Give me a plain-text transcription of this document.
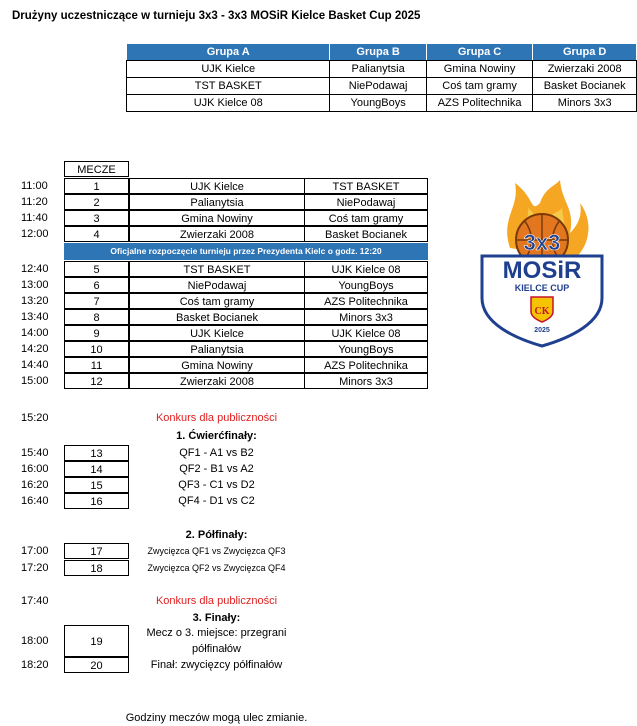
Drużyny uczestniczące w turnieju 3x3 - 3x3 MOSiR Kielce Basket Cup 2025
Grupa A	Grupa B	Grupa C	Grupa D
UJK Kielce	Palianytsia	Gmina Nowiny	Zwierzaki 2008
TST BASKET	NiePodawaj	Coś tam gramy	Basket Bocianek
UJK Kielce 08	YoungBoys	AZS Politechnika	Minors 3x3
MECZE
11:00	1	UJK Kielce	TST BASKET
11:20	2	Palianytsia	NiePodawaj
11:40	3	Gmina Nowiny	Coś tam gramy
12:00	4	Zwierzaki 2008	Basket Bocianek
Oficjalne rozpoczęcie turnieju przez Prezydenta Kielc o godz. 12:20
12:40	5	TST BASKET	UJK Kielce 08
13:00	6	NiePodawaj	YoungBoys
13:20	7	Coś tam gramy	AZS Politechnika
13:40	8	Basket Bocianek	Minors 3x3
14:00	9	UJK Kielce	UJK Kielce 08
14:20	10	Palianytsia	YoungBoys
14:40	11	Gmina Nowiny	AZS Politechnika
15:00	12	Zwierzaki 2008	Minors 3x3
15:20	Konkurs dla publiczności
1. Ćwierćfinały:
15:40	13	QF1 - A1 vs B2
16:00	14	QF2 - B1 vs A2
16:20	15	QF3 - C1 vs D2
16:40	16	QF4 - D1 vs C2
2. Półfinały:
17:00	17	Zwycięzca QF1 vs Zwycięzca QF3
17:20	18	Zwycięzca QF2 vs Zwycięzca QF4
17:40	Konkurs dla publiczności
3. Finały:
18:00	19
Mecz o 3. miejsce: przegrani
półfinałów
18:20	20	Finał: zwycięzcy półfinałów
Godziny meczów mogą ulec zmianie.
3x3
MOSiR
KIELCE CUP
CK
2025
